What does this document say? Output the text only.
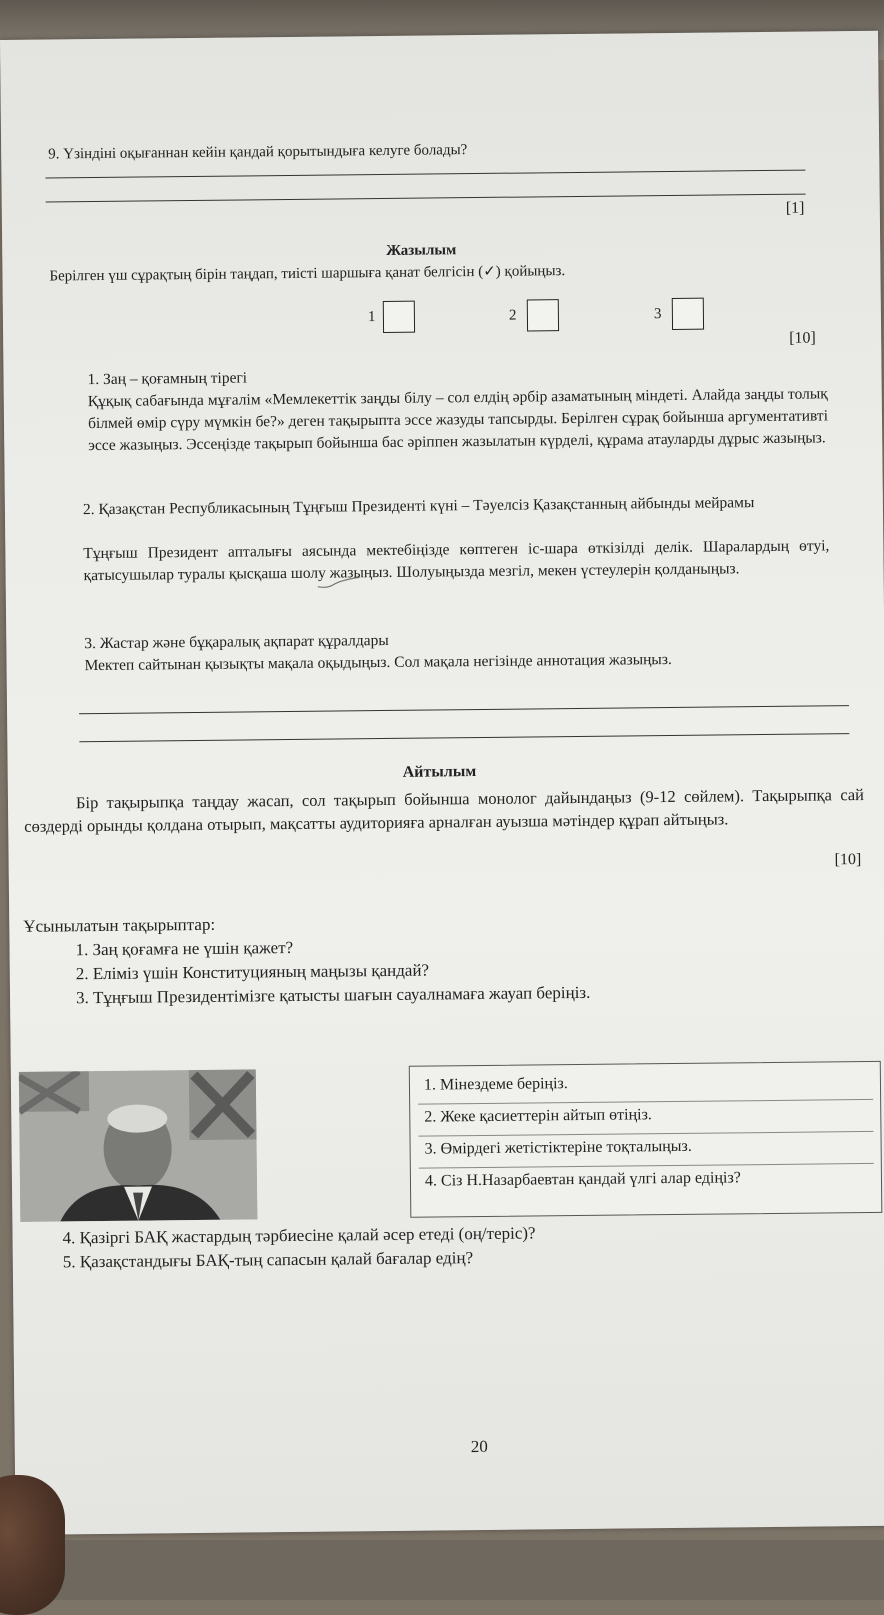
9. Үзіндіні оқығаннан кейін қандай қорытындыға келуге болады?
[1]
Жазылым
Берілген үш сұрақтың бірін таңдап, тиісті шаршыға қанат белгісін (✓) қойыңыз.
1	2	3
[10]
1. Заң – қоғамның тірегі
Құқық сабағында мұғалім «Мемлекеттік заңды білу – сол елдің әрбір азаматының міндеті. Алайда заңды толық білмей өмір сүру мүмкін бе?» деген тақырыпта эссе жазуды тапсырды. Берілген сұрақ бойынша аргументативті эссе жазыңыз. Эссеңізде тақырып бойынша бас әріппен жазылатын күрделі, құрама атауларды дұрыс жазыңыз.
2. Қазақстан Республикасының Тұңғыш Президенті күні – Тәуелсіз Қазақстанның айбынды мейрамы
Тұңғыш Президент апталығы аясында мектебіңізде көптеген іс-шара өткізілді делік. Шаралардың өтуі, қатысушылар туралы қысқаша шолу жазыңыз. Шолуыңызда мезгіл, мекен үстеулерін қолданыңыз.
3. Жастар және бұқаралық ақпарат құралдары
Мектеп сайтынан қызықты мақала оқыдыңыз. Сол мақала негізінде аннотация жазыңыз.
Айтылым
Бір тақырыпқа таңдау жасап, сол тақырып бойынша монолог дайындаңыз (9-12 сөйлем). Тақырыпқа сай сөздерді орынды қолдана отырып, мақсатты аудиторияға арналған ауызша мәтіндер құрап айтыңыз.
[10]
Ұсынылатын тақырыптар:
1. Заң қоғамға не үшін қажет?
2. Еліміз үшін Конституцияның маңызы қандай?
3. Тұңғыш Президентімізге қатысты шағын сауалнамаға жауап беріңіз.
1. Мінездеме беріңіз.
2. Жеке қасиеттерін айтып өтіңіз.
3. Өмірдегі жетістіктеріне тоқталыңыз.
4. Сіз Н.Назарбаевтан қандай үлгі алар едіңіз?
4. Қазіргі БАҚ жастардың тәрбиесіне қалай әсер етеді (оң/теріс)?
5. Қазақстандығы БАҚ-тың сапасын қалай бағалар едің?
20
